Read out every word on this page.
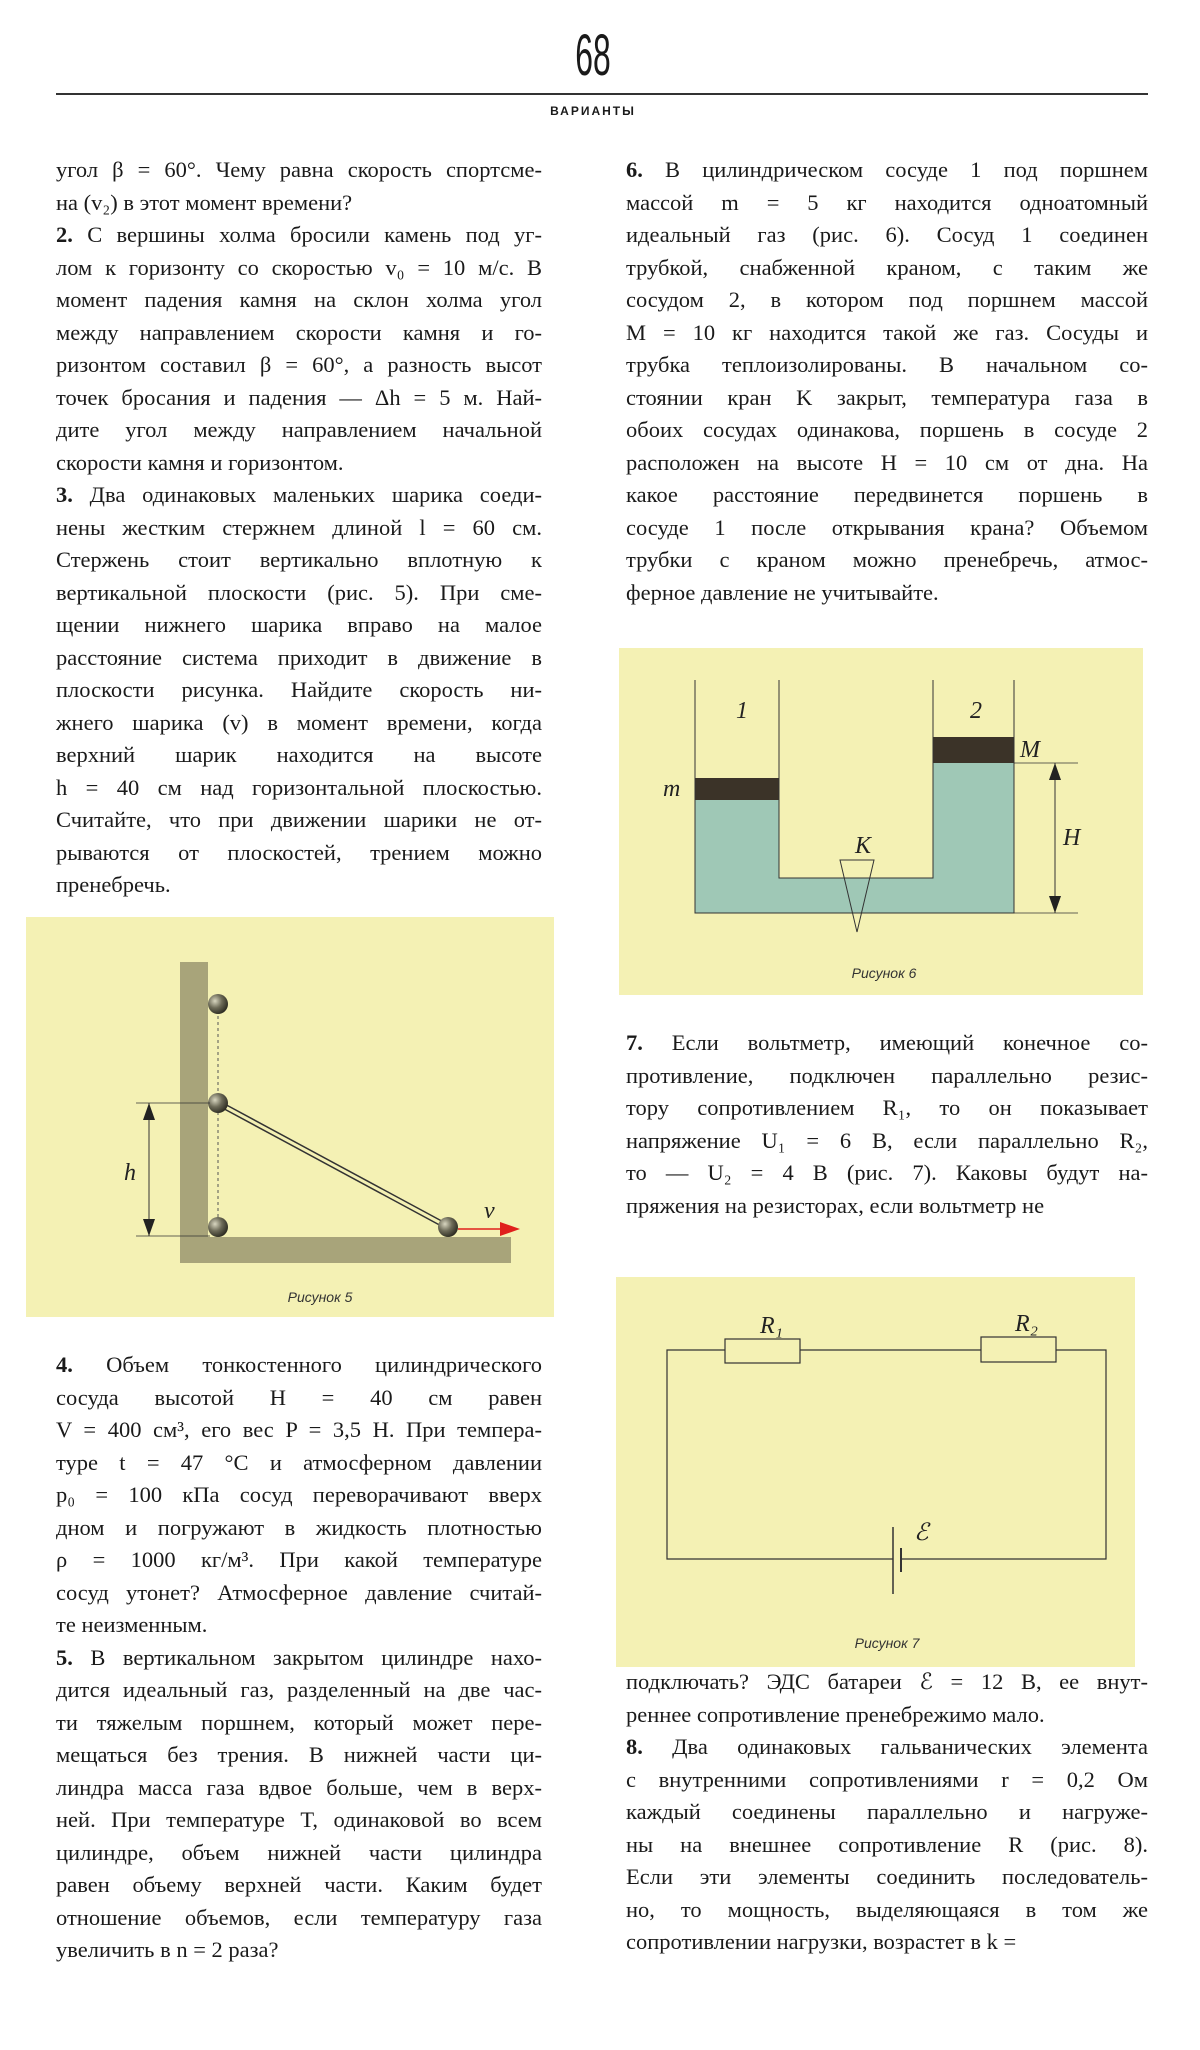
68
ВАРИАНТЫ
угол β = 60°. Чему равна скорость спортсме-
на (v₂) в этот момент времени?
2. С вершины холма бросили камень под уг-
лом к горизонту со скоростью v₀ = 10 м/с. В
момент падения камня на склон холма угол
между направлением скорости камня и го-
ризонтом составил β = 60°, а разность высот
точек бросания и падения — Δh = 5 м. Най-
дите угол между направлением начальной
скорости камня и горизонтом.
3. Два одинаковых маленьких шарика соеди-
нены жестким стержнем длиной l = 60 см.
Стержень стоит вертикально вплотную к
вертикальной плоскости (рис. 5). При сме-
щении нижнего шарика вправо на малое
расстояние система приходит в движение в
плоскости рисунка. Найдите скорость ни-
жнего шарика (v) в момент времени, когда
верхний шарик находится на высоте
h = 40 см над горизонтальной плоскостью.
Считайте, что при движении шарики не от-
рываются от плоскостей, трением можно
пренебречь.
4. Объем тонкостенного цилиндрического
сосуда высотой H = 40 см равен
V = 400 см³, его вес P = 3,5 Н. При темпера-
туре t = 47 °C и атмосферном давлении
p₀ = 100 кПа сосуд переворачивают вверх
дном и погружают в жидкость плотностью
ρ = 1000 кг/м³. При какой температуре
сосуд утонет? Атмосферное давление считай-
те неизменным.
5. В вертикальном закрытом цилиндре нахо-
дится идеальный газ, разделенный на две час-
ти тяжелым поршнем, который может пере-
мещаться без трения. В нижней части ци-
линдра масса газа вдвое больше, чем в верх-
ней. При температуре T, одинаковой во всем
цилиндре, объем нижней части цилиндра
равен объему верхней части. Каким будет
отношение объемов, если температуру газа
увеличить в n = 2 раза?
6. В цилиндрическом сосуде 1 под поршнем
массой m = 5 кг находится одноатомный
идеальный газ (рис. 6). Сосуд 1 соединен
трубкой, снабженной краном, с таким же
сосудом 2, в котором под поршнем массой
M = 10 кг находится такой же газ. Сосуды и
трубка теплоизолированы. В начальном со-
стоянии кран K закрыт, температура газа в
обоих сосудах одинакова, поршень в сосуде 2
расположен на высоте H = 10 см от дна. На
какое расстояние передвинется поршень в
сосуде 1 после открывания крана? Объемом
трубки с краном можно пренебречь, атмос-
ферное давление не учитывайте.
7. Если вольтметр, имеющий конечное со-
противление, подключен параллельно резис-
тору сопротивлением R₁, то он показывает
напряжение U₁ = 6 В, если параллельно R₂,
то — U₂ = 4 В (рис. 7). Каковы будут на-
пряжения на резисторах, если вольтметр не
подключать? ЭДС батареи ℰ = 12 В, ее внут-
реннее сопротивление пренебрежимо мало.
8. Два одинаковых гальванических элемента
с внутренними сопротивлениями r = 0,2 Ом
каждый соединены параллельно и нагруже-
ны на внешнее сопротивление R (рис. 8).
Если эти элементы соединить последователь-
но, то мощность, выделяющаяся в том же
сопротивлении нагрузки, возрастет в k =
v
h
Рисунок 5
1	2
m
M
K	H
Рисунок 6
R₁	R₂
ℰ
Рисунок 7
